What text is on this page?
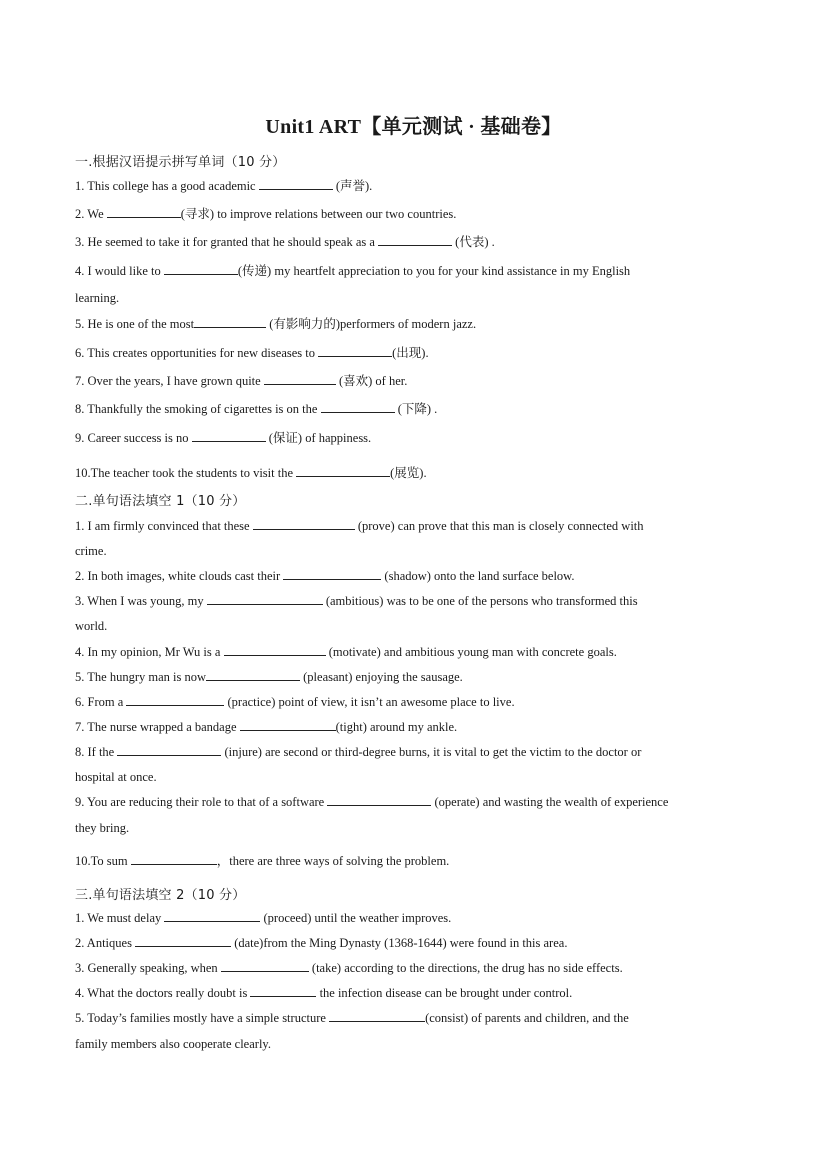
Unit1 ART【单元测试 · 基础卷】
一.根据汉语提示拼写单词（10 分）
1. This college has a good academic	(声誉).
2. We	(寻求) to improve relations between our two countries.
3. He seemed to take it for granted that he should speak as a	(代表) .
4. I would like to	(传递) my heartfelt appreciation to you for your kind assistance in my English
learning.
5. He is one of the most	(有影响力的)performers of modern jazz.
6. This creates opportunities for new diseases to	(出现).
7. Over the years, I have grown quite	(喜欢) of her.
8. Thankfully the smoking of cigarettes is on the	(下降) .
9. Career success is no	(保证) of happiness.
10.The teacher took the students to visit the	(展览).
二.单句语法填空 1（10 分）
1. I am firmly convinced that these	(prove) can prove that this man is closely connected with
crime.
2. In both images, white clouds cast their	(shadow) onto the land surface below.
3. When I was young, my	(ambitious) was to be one of the persons who transformed this
world.
4. In my opinion, Mr Wu is a	(motivate) and ambitious young man with concrete goals.
5. The hungry man is now	(pleasant) enjoying the sausage.
6. From a	(practice) point of view, it isn’t an awesome place to live.
7. The nurse wrapped a bandage	(tight) around my ankle.
8. If the	(injure) are second or third-degree burns, it is vital to get the victim to the doctor or
hospital at once.
9. You are reducing their role to that of a software	(operate) and wasting the wealth of experience
they bring.
10.To sum	，there are three ways of solving the problem.
三.单句语法填空 2（10 分）
1. We must delay	(proceed) until the weather improves.
2. Antiques	(date)from the Ming Dynasty (1368-1644) were found in this area.
3. Generally speaking, when	(take) according to the directions, the drug has no side effects.
4. What the doctors really doubt is	the infection disease can be brought under control.
5. Today’s families mostly have a simple structure	(consist) of parents and children, and the
family members also cooperate clearly.
